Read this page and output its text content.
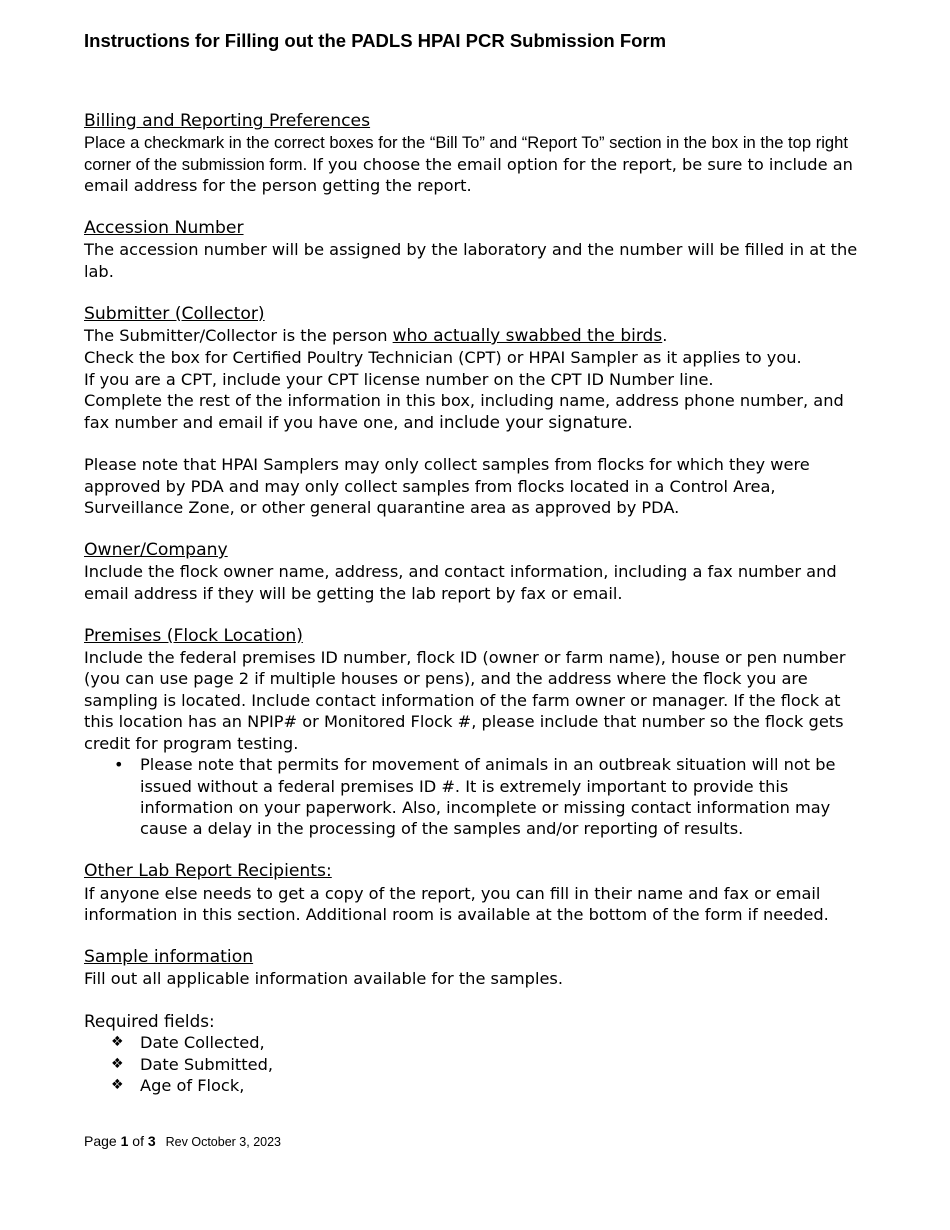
Instructions for Filling out the PADLS HPAI PCR Submission Form
Billing and Reporting Preferences

Place a checkmark in the correct boxes for the “Bill To” and “Report To” section in the box in the top right corner of the submission form. If you choose the email option for the report, be sure to include an email address for the person getting the report.

Accession Number

The accession number will be assigned by the laboratory and the number will be filled in at the lab.

Submitter (Collector)

The Submitter/Collector is the person who actually swabbed the birds.

Check the box for Certified Poultry Technician (CPT) or HPAI Sampler as it applies to you.

If you are a CPT, include your CPT license number on the CPT ID Number line.

Complete the rest of the information in this box, including name, address phone number, and fax number and email if you have one, and include your signature.

Please note that HPAI Samplers may only collect samples from flocks for which they were approved by PDA and may only collect samples from flocks located in a Control Area, Surveillance Zone, or other general quarantine area as approved by PDA.

Owner/Company

Include the flock owner name, address, and contact information, including a fax number and email address if they will be getting the lab report by fax or email.

Premises (Flock Location)

Include the federal premises ID number, flock ID (owner or farm name), house or pen number (you can use page 2 if multiple houses or pens), and the address where the flock you are sampling is located. Include contact information of the farm owner or manager. If the flock at this location has an NPIP# or Monitored Flock #, please include that number so the flock gets credit for program testing.

• Please note that permits for movement of animals in an outbreak situation will not be issued without a federal premises ID #. It is extremely important to provide this information on your paperwork. Also, incomplete or missing contact information may cause a delay in the processing of the samples and/or reporting of results.
Other Lab Report Recipients:

If anyone else needs to get a copy of the report, you can fill in their name and fax or email information in this section. Additional room is available at the bottom of the form if needed.

Sample information

Fill out all applicable information available for the samples.

Required fields:

❖ Date Collected,
❖ Date Submitted,
❖ Age of Flock,
Page 1 of 3 Rev October 3, 2023
